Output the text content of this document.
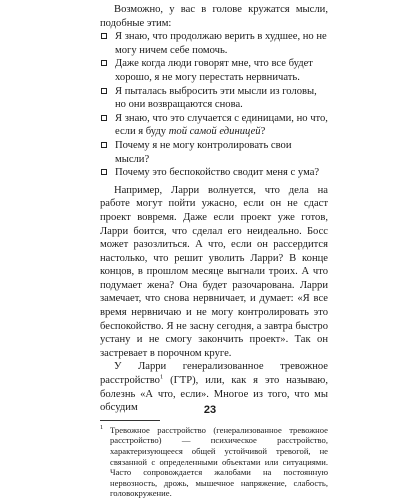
Возможно, у вас в голове кружатся мысли, подобные этим:

Я знаю, что продолжаю верить в худшее, но не могу ничем себе помочь.
Даже когда люди говорят мне, что все будет хорошо, я не могу перестать нервничать.
Я пыталась выбросить эти мысли из головы, но они возвращаются снова.
Я знаю, что это случается с единицами, но что, если я буду той самой единицей?
Почему я не могу контролировать свои мысли?
Почему это беспокойство сводит меня с ума?

Например, Ларри волнуется, что дела на работе могут пойти ужасно, если он не сдаст проект вовремя. Даже если проект уже готов, Ларри боится, что сделал его неидеально. Босс может разозлиться. А что, если он рассердится настолько, что решит уволить Ларри? В конце концов, в прошлом месяце выгнали троих. А что подумает жена? Она будет разочарована. Ларри замечает, что снова нервничает, и думает: «Я все время нервничаю и не могу контролировать это беспокойство. Я не засну сегодня, а завтра быстро устану и не смогу закончить проект». Так он застревает в порочном круге.

У Ларри генерализованное тревожное расстройство$^1$ (ГТР), или, как я это называю, болезнь «А что, если». Многое из того, что мы обсудим

1 Тревожное расстройство (генерализованное тревожное расстройство) — психическое расстройство, характеризующееся общей устойчивой тревогой, не связанной с определенными объектами или ситуациями. Часто сопровождается жалобами на постоянную нервозность, дрожь, мышечное напряжение, слабость, головокружение.

23
